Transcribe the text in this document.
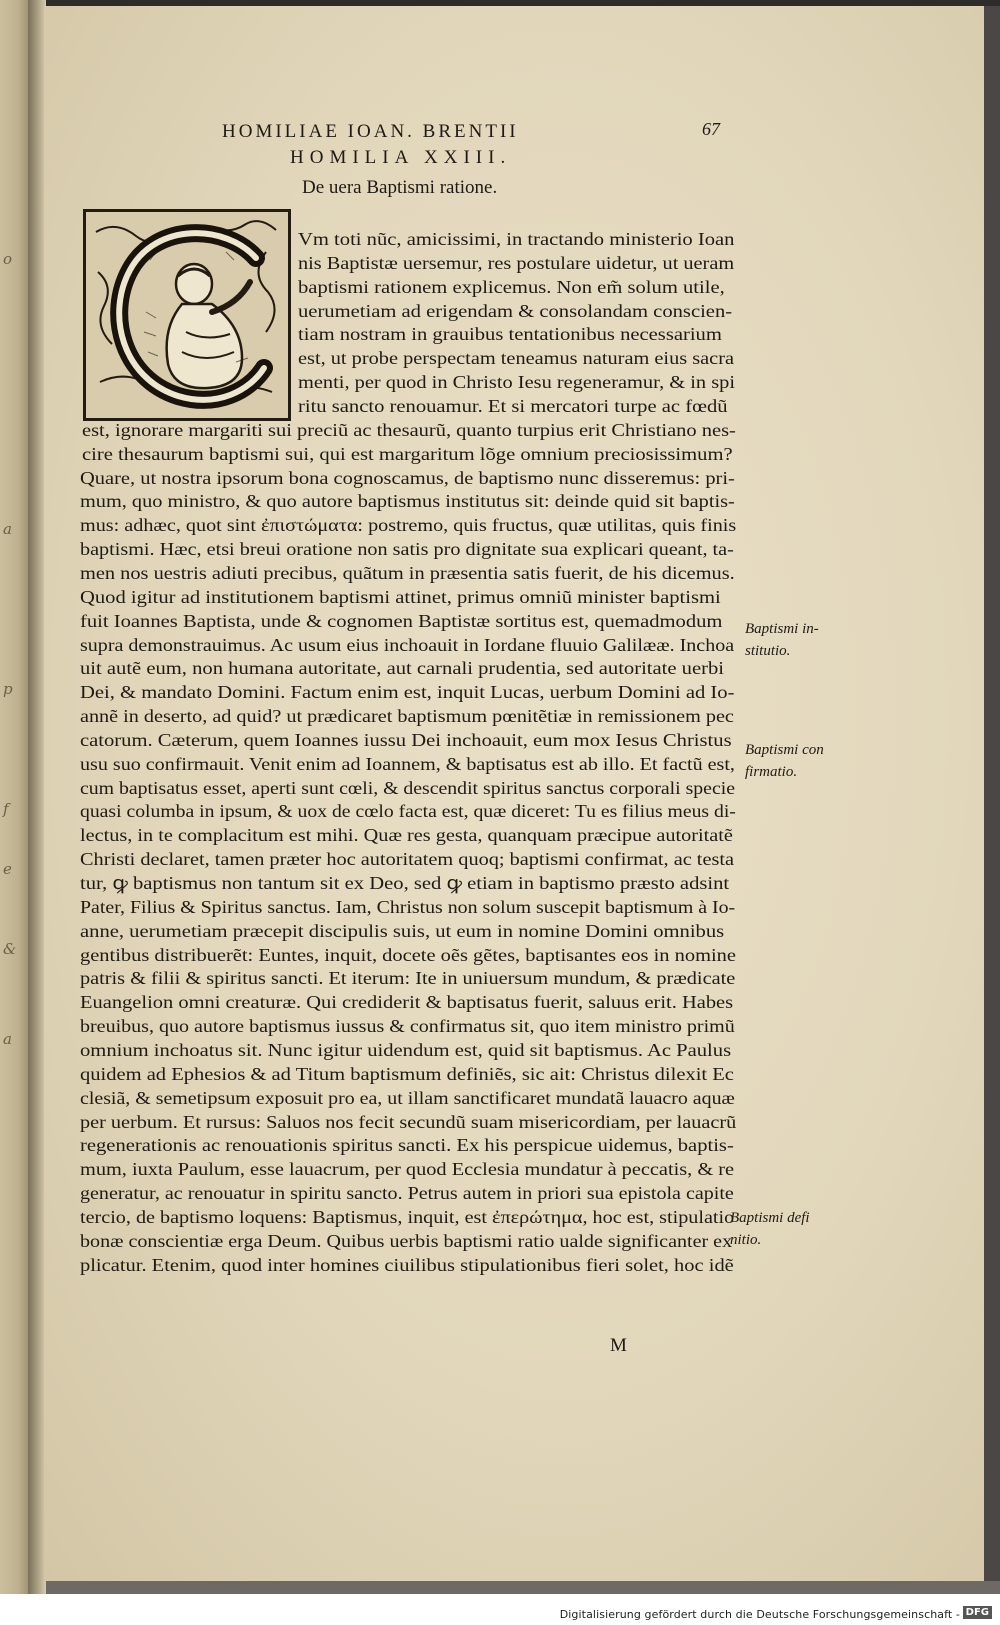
o
a
p
f
e
&
a
HOMILIAE IOAN. BRENTII	67
HOMILIA XXIII.
De uera Baptismi ratione.
Vm toti nũc, amicissimi, in tractando ministerio Ioan
nis Baptistæ uersemur, res postulare uidetur, ut ueram
baptismi rationem explicemus. Non em̃ solum utile,
uerumetiam ad erigendam & consolandam conscien-
tiam nostram in grauibus tentationibus necessarium
est, ut probe perspectam teneamus naturam eius sacra
menti, per quod in Christo Iesu regeneramur, & in spi
ritu sancto renouamur. Et si mercatori turpe ac fœdũ
est, ignorare margariti sui preciũ ac thesaurũ, quanto turpius erit Christiano nes-
cire thesaurum baptismi sui, qui est margaritum lõge omnium preciosissimum?
Quare, ut nostra ipsorum bona cognoscamus, de baptismo nunc disseremus: pri-
mum, quo ministro, & quo autore baptismus institutus sit: deinde quid sit baptis-
mus: adhæc, quot sint ἐπιστώματα: postremo, quis fructus, quæ utilitas, quis finis
baptismi. Hæc, etsi breui oratione non satis pro dignitate sua explicari queant, ta-
men nos uestris adiuti precibus, quãtum in præsentia satis fuerit, de his dicemus.
Quod igitur ad institutionem baptismi attinet, primus omniũ minister baptismi
fuit Ioannes Baptista, unde & cognomen Baptistæ sortitus est, quemadmodum
supra demonstrauimus. Ac usum eius inchoauit in Iordane fluuio Galilææ. Inchoa
uit autẽ eum, non humana autoritate, aut carnali prudentia, sed autoritate uerbi
Dei, & mandato Domini. Factum enim est, inquit Lucas, uerbum Domini ad Io-
annẽ in deserto, ad quid? ut prædicaret baptismum pœnitẽtiæ in remissionem pec
catorum. Cæterum, quem Ioannes iussu Dei inchoauit, eum mox Iesus Christus
usu suo confirmauit. Venit enim ad Ioannem, & baptisatus est ab illo. Et factũ est,
cum baptisatus esset, aperti sunt cœli, & descendit spiritus sanctus corporali specie
quasi columba in ipsum, & uox de cœlo facta est, quæ diceret: Tu es filius meus di-
lectus, in te complacitum est mihi. Quæ res gesta, quanquam præcipue autoritatẽ
Christi declaret, tamen præter hoc autoritatem quoq; baptismi confirmat, ac testa
tur, ꝙ baptismus non tantum sit ex Deo, sed ꝙ etiam in baptismo præsto adsint
Pater, Filius & Spiritus sanctus. Iam, Christus non solum suscepit baptismum à Io-
anne, uerumetiam præcepit discipulis suis, ut eum in nomine Domini omnibus
gentibus distribuerẽt: Euntes, inquit, docete oẽs gẽtes, baptisantes eos in nomine
patris & filii & spiritus sancti. Et iterum: Ite in uniuersum mundum, & prædicate
Euangelion omni creaturæ. Qui crediderit & baptisatus fuerit, saluus erit. Habes
breuibus, quo autore baptismus iussus & confirmatus sit, quo item ministro primũ
omnium inchoatus sit. Nunc igitur uidendum est, quid sit baptismus. Ac Paulus
quidem ad Ephesios & ad Titum baptismum definiẽs, sic ait: Christus dilexit Ec
clesiã, & semetipsum exposuit pro ea, ut illam sanctificaret mundatã lauacro aquæ
per uerbum. Et rursus: Saluos nos fecit secundũ suam misericordiam, per lauacrũ
regenerationis ac renouationis spiritus sancti. Ex his perspicue uidemus, baptis-
mum, iuxta Paulum, esse lauacrum, per quod Ecclesia mundatur à peccatis, & re
generatur, ac renouatur in spiritu sancto. Petrus autem in priori sua epistola capite
tercio, de baptismo loquens: Baptismus, inquit, est ἐπερώτημα, hoc est, stipulatio
bonæ conscientiæ erga Deum. Quibus uerbis baptismi ratio ualde significanter ex
plicatur. Etenim, quod inter homines ciuilibus stipulationibus fieri solet, hoc idẽ
Baptismi in-
stitutio.
Baptismi con
firmatio.
Baptismi defi
nitio.
M
Digitalisierung gefördert durch die Deutsche Forschungsgemeinschaft - DFG
